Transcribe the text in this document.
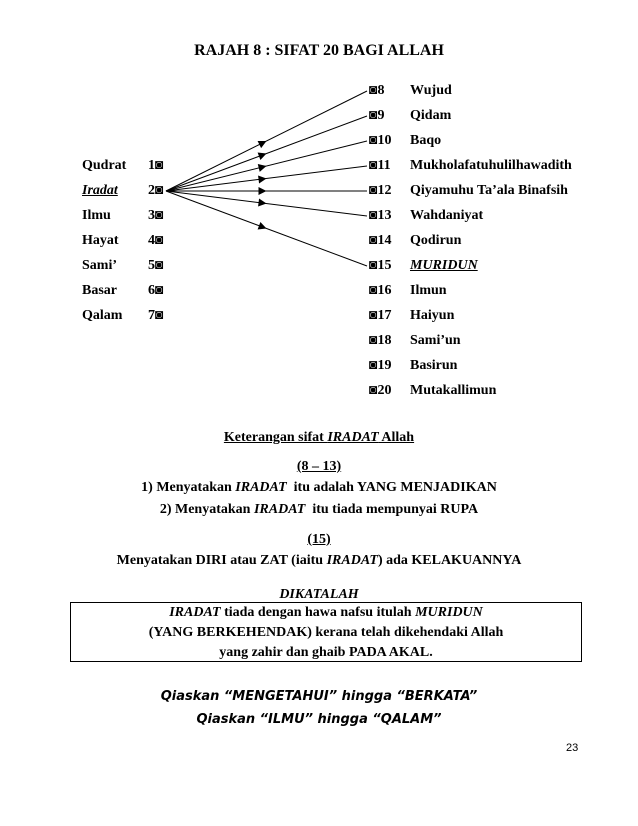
RAJAH 8 : SIFAT 20 BAGI ALLAH
Qudrat 1◙
Iradat 2◙
Ilmu	3◙
Hayat 4◙
Sami’ 5◙
Basar 6◙
Qalam 7◙
◙8 Wujud
◙9 Qidam
◙10 Baqo
◙11 Mukholafatuhulilhawadith
◙12 Qiyamuhu Ta’ala Binafsih
◙13 Wahdaniyat
◙14 Qodirun
◙15 MURIDUN
◙16 Ilmun
◙17 Haiyun
◙18 Sami’un
◙19 Basirun
◙20 Mutakallimun
Keterangan sifat IRADAT Allah
(8 – 13)
1) Menyatakan IRADAT  itu adalah YANG MENJADIKAN
2) Menyatakan IRADAT  itu tiada mempunyai RUPA
(15)
Menyatakan DIRI atau ZAT (iaitu IRADAT) ada KELAKUANNYA
DIKATALAH
IRADAT tiada dengan hawa nafsu itulah MURIDUN
(YANG BERKEHENDAK) kerana telah dikehendaki Allah
yang zahir dan ghaib PADA AKAL.
Qiaskan “MENGETAHUI” hingga “BERKATA”
Qiaskan “ILMU” hingga “QALAM”
23
